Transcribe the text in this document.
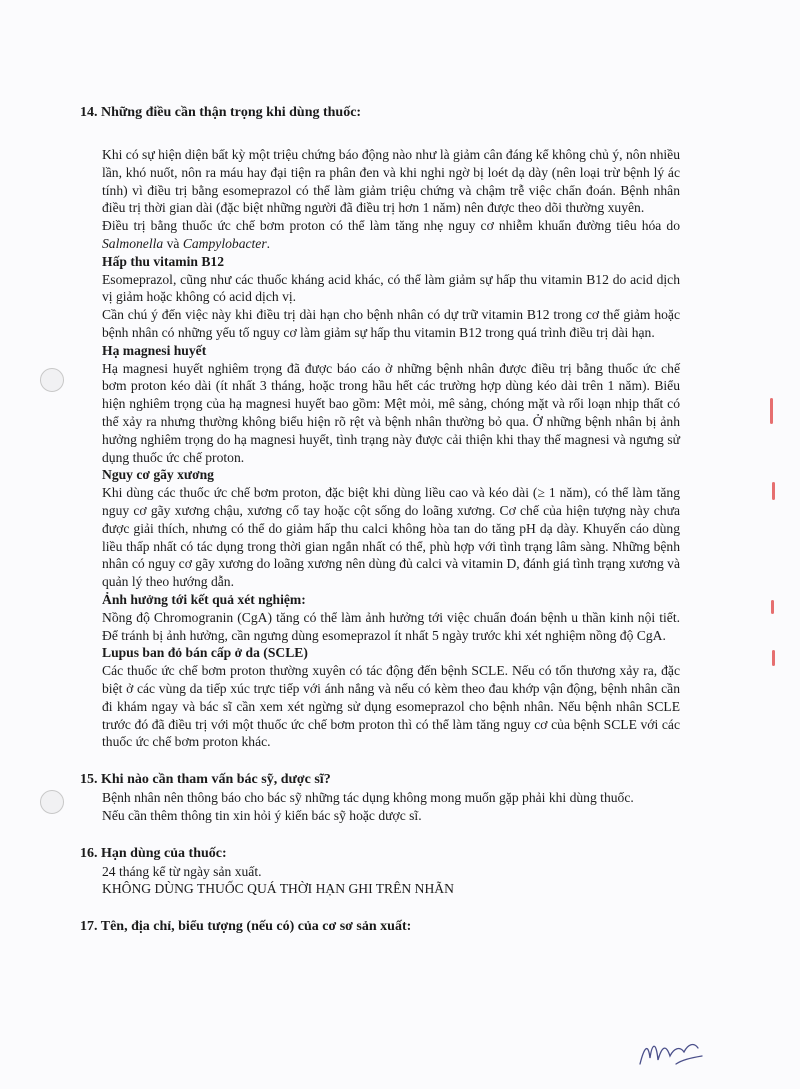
14. Những điều cần thận trọng khi dùng thuốc:

Khi có sự hiện diện bất kỳ một triệu chứng báo động nào như là giảm cân đáng kể không chủ ý, nôn nhiều lần, khó nuốt, nôn ra máu hay đại tiện ra phân đen và khi nghi ngờ bị loét dạ dày (nên loại trừ bệnh lý ác tính) vì điều trị bằng esomeprazol có thể làm giảm triệu chứng và chậm trễ việc chẩn đoán. Bệnh nhân điều trị thời gian dài (đặc biệt những người đã điều trị hơn 1 năm) nên được theo dõi thường xuyên.

Điều trị bằng thuốc ức chế bơm proton có thể làm tăng nhẹ nguy cơ nhiễm khuẩn đường tiêu hóa do Salmonella và Campylobacter.

Hấp thu vitamin B12

Esomeprazol, cũng như các thuốc kháng acid khác, có thể làm giảm sự hấp thu vitamin B12 do acid dịch vị giảm hoặc không có acid dịch vị.

Cần chú ý đến việc này khi điều trị dài hạn cho bệnh nhân có dự trữ vitamin B12 trong cơ thể giảm hoặc bệnh nhân có những yếu tố nguy cơ làm giảm sự hấp thu vitamin B12 trong quá trình điều trị dài hạn.

Hạ magnesi huyết

Hạ magnesi huyết nghiêm trọng đã được báo cáo ở những bệnh nhân được điều trị bằng thuốc ức chế bơm proton kéo dài (ít nhất 3 tháng, hoặc trong hầu hết các trường hợp dùng kéo dài trên 1 năm). Biểu hiện nghiêm trọng của hạ magnesi huyết bao gồm: Mệt mỏi, mê sảng, chóng mặt và rối loạn nhịp thất có thể xảy ra nhưng thường không biểu hiện rõ rệt và bệnh nhân thường bỏ qua. Ở những bệnh nhân bị ảnh hưởng nghiêm trọng do hạ magnesi huyết, tình trạng này được cải thiện khi thay thế magnesi và ngưng sử dụng thuốc ức chế proton.

Nguy cơ gãy xương

Khi dùng các thuốc ức chế bơm proton, đặc biệt khi dùng liều cao và kéo dài (≥ 1 năm), có thể làm tăng nguy cơ gãy xương chậu, xương cổ tay hoặc cột sống do loãng xương. Cơ chế của hiện tượng này chưa được giải thích, nhưng có thể do giảm hấp thu calci không hòa tan do tăng pH dạ dày. Khuyến cáo dùng liều thấp nhất có tác dụng trong thời gian ngắn nhất có thể, phù hợp với tình trạng lâm sàng. Những bệnh nhân có nguy cơ gãy xương do loãng xương nên dùng đủ calci và vitamin D, đánh giá tình trạng xương và quản lý theo hướng dẫn.

Ảnh hưởng tới kết quả xét nghiệm:

Nồng độ Chromogranin (CgA) tăng có thể làm ảnh hưởng tới việc chuẩn đoán bệnh u thần kinh nội tiết. Để tránh bị ảnh hưởng, cần ngưng dùng esomeprazol ít nhất 5 ngày trước khi xét nghiệm nồng độ CgA.

Lupus ban đỏ bán cấp ở da (SCLE)

Các thuốc ức chế bơm proton thường xuyên có tác động đến bệnh SCLE. Nếu có tổn thương xảy ra, đặc biệt ở các vùng da tiếp xúc trực tiếp với ánh nắng và nếu có kèm theo đau khớp vận động, bệnh nhân cần đi khám ngay và bác sĩ cần xem xét ngừng sử dụng esomeprazol cho bệnh nhân. Nếu bệnh nhân SCLE trước đó đã điều trị với một thuốc ức chế bơm proton thì có thể làm tăng nguy cơ của bệnh SCLE với các thuốc ức chế bơm proton khác.

15. Khi nào cần tham vấn bác sỹ, dược sĩ?

Bệnh nhân nên thông báo cho bác sỹ những tác dụng không mong muốn gặp phải khi dùng thuốc.

Nếu cần thêm thông tin xin hỏi ý kiến bác sỹ hoặc dược sĩ.

16. Hạn dùng của thuốc:

24 tháng kể từ ngày sản xuất.

KHÔNG DÙNG THUỐC QUÁ THỜI HẠN GHI TRÊN NHÃN

17. Tên, địa chỉ, biểu tượng (nếu có) của cơ sơ sản xuất:
